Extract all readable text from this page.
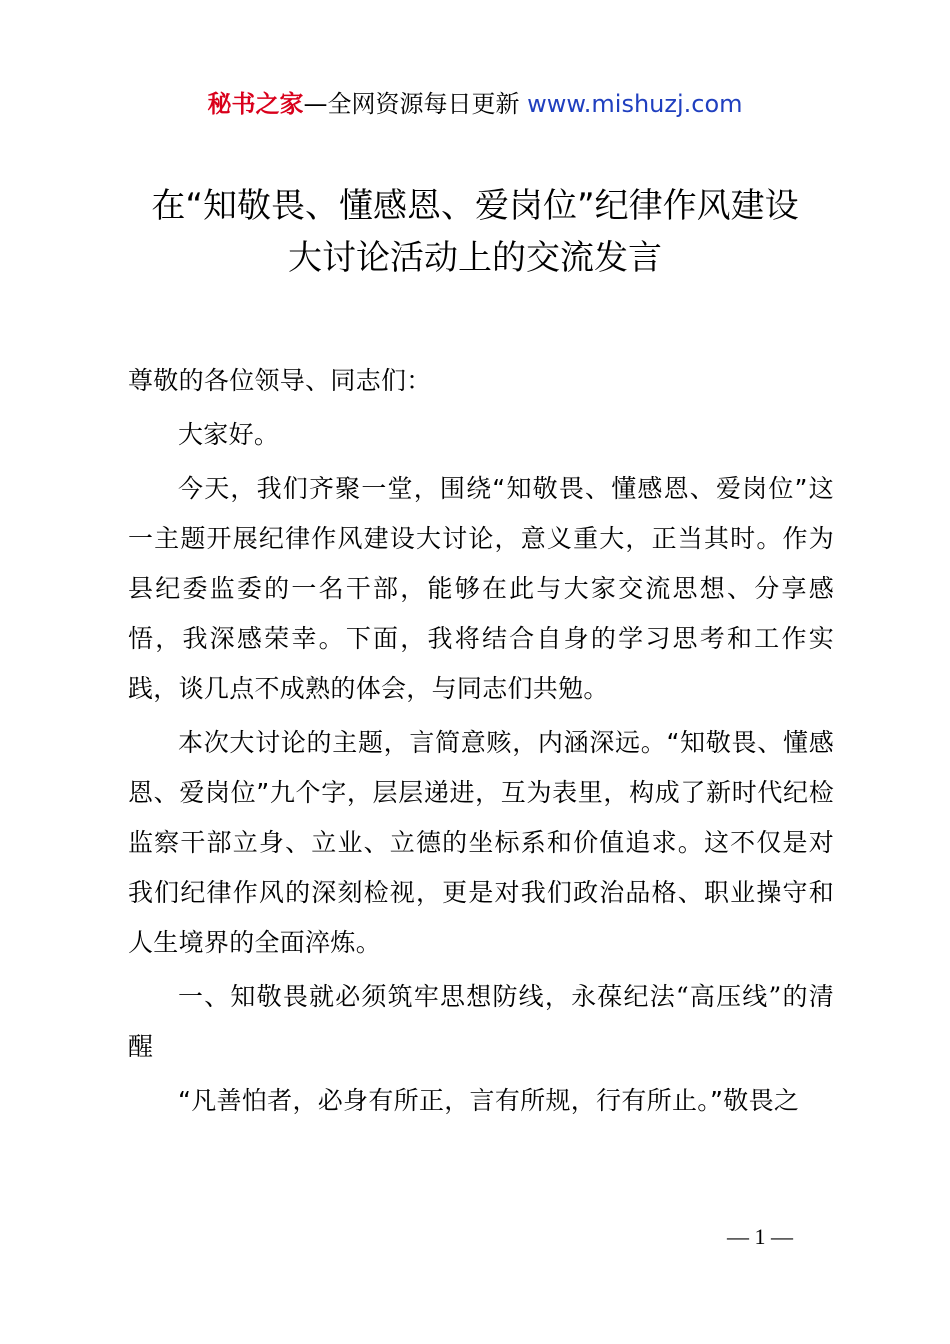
秘书之家—全网资源每日更新 www.mishuzj.com
在“知敬畏、懂感恩、爱岗位”纪律作风建设
大讨论活动上的交流发言

尊敬的各位领导、同志们：

大家好。

今天，我们齐聚一堂，围绕“知敬畏、懂感恩、爱岗位”这一主题开展纪律作风建设大讨论，意义重大，正当其时。作为县纪委监委的一名干部，能够在此与大家交流思想、分享感悟，我深感荣幸。下面，我将结合自身的学习思考和工作实践，谈几点不成熟的体会，与同志们共勉。

本次大讨论的主题，言简意赅，内涵深远。“知敬畏、懂感恩、爱岗位”九个字，层层递进，互为表里，构成了新时代纪检监察干部立身、立业、立德的坐标系和价值追求。这不仅是对我们纪律作风的深刻检视，更是对我们政治品格、职业操守和人生境界的全面淬炼。

一、知敬畏就必须筑牢思想防线，永葆纪法“高压线”的清醒

“凡善怕者，必身有所正，言有所规，行有所止。”敬畏之

— 1 —
